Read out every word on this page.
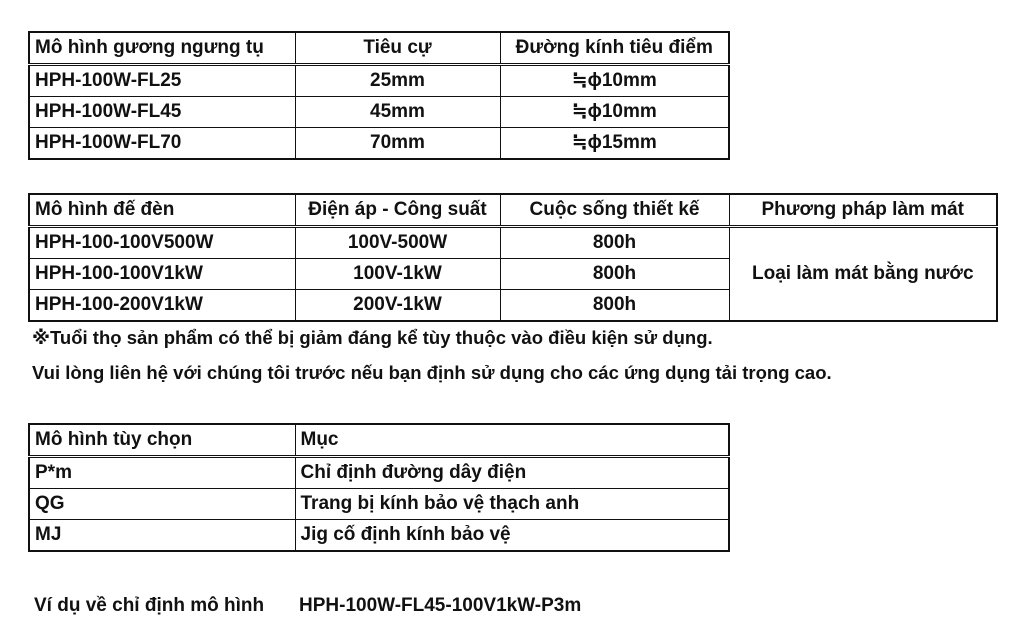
Mô hình gương ngưng tụ	Tiêu cự	Đường kính tiêu điểm
HPH-100W-FL25	25mm	≒ϕ10mm
HPH-100W-FL45	45mm	≒ϕ10mm
HPH-100W-FL70	70mm	≒ϕ15mm
Mô hình đế đèn	Điện áp - Công suất	Cuộc sống thiết kế	Phương pháp làm mát
HPH-100-100V500W	100V-500W	800h	Loại làm mát bằng nước
HPH-100-100V1kW	100V-1kW	800h	
HPH-100-200V1kW	200V-1kW	800h	
※Tuổi thọ sản phẩm có thể bị giảm đáng kể tùy thuộc vào điều kiện sử dụng.
Vui lòng liên hệ với chúng tôi trước nếu bạn định sử dụng cho các ứng dụng tải trọng cao.
Mô hình tùy chọn	Mục
P*m	Chỉ định đường dây điện
QG	Trang bị kính bảo vệ thạch anh
MJ	Jig cố định kính bảo vệ
Ví dụ về chỉ định mô hình HPH-100W-FL45-100V1kW-P3m
